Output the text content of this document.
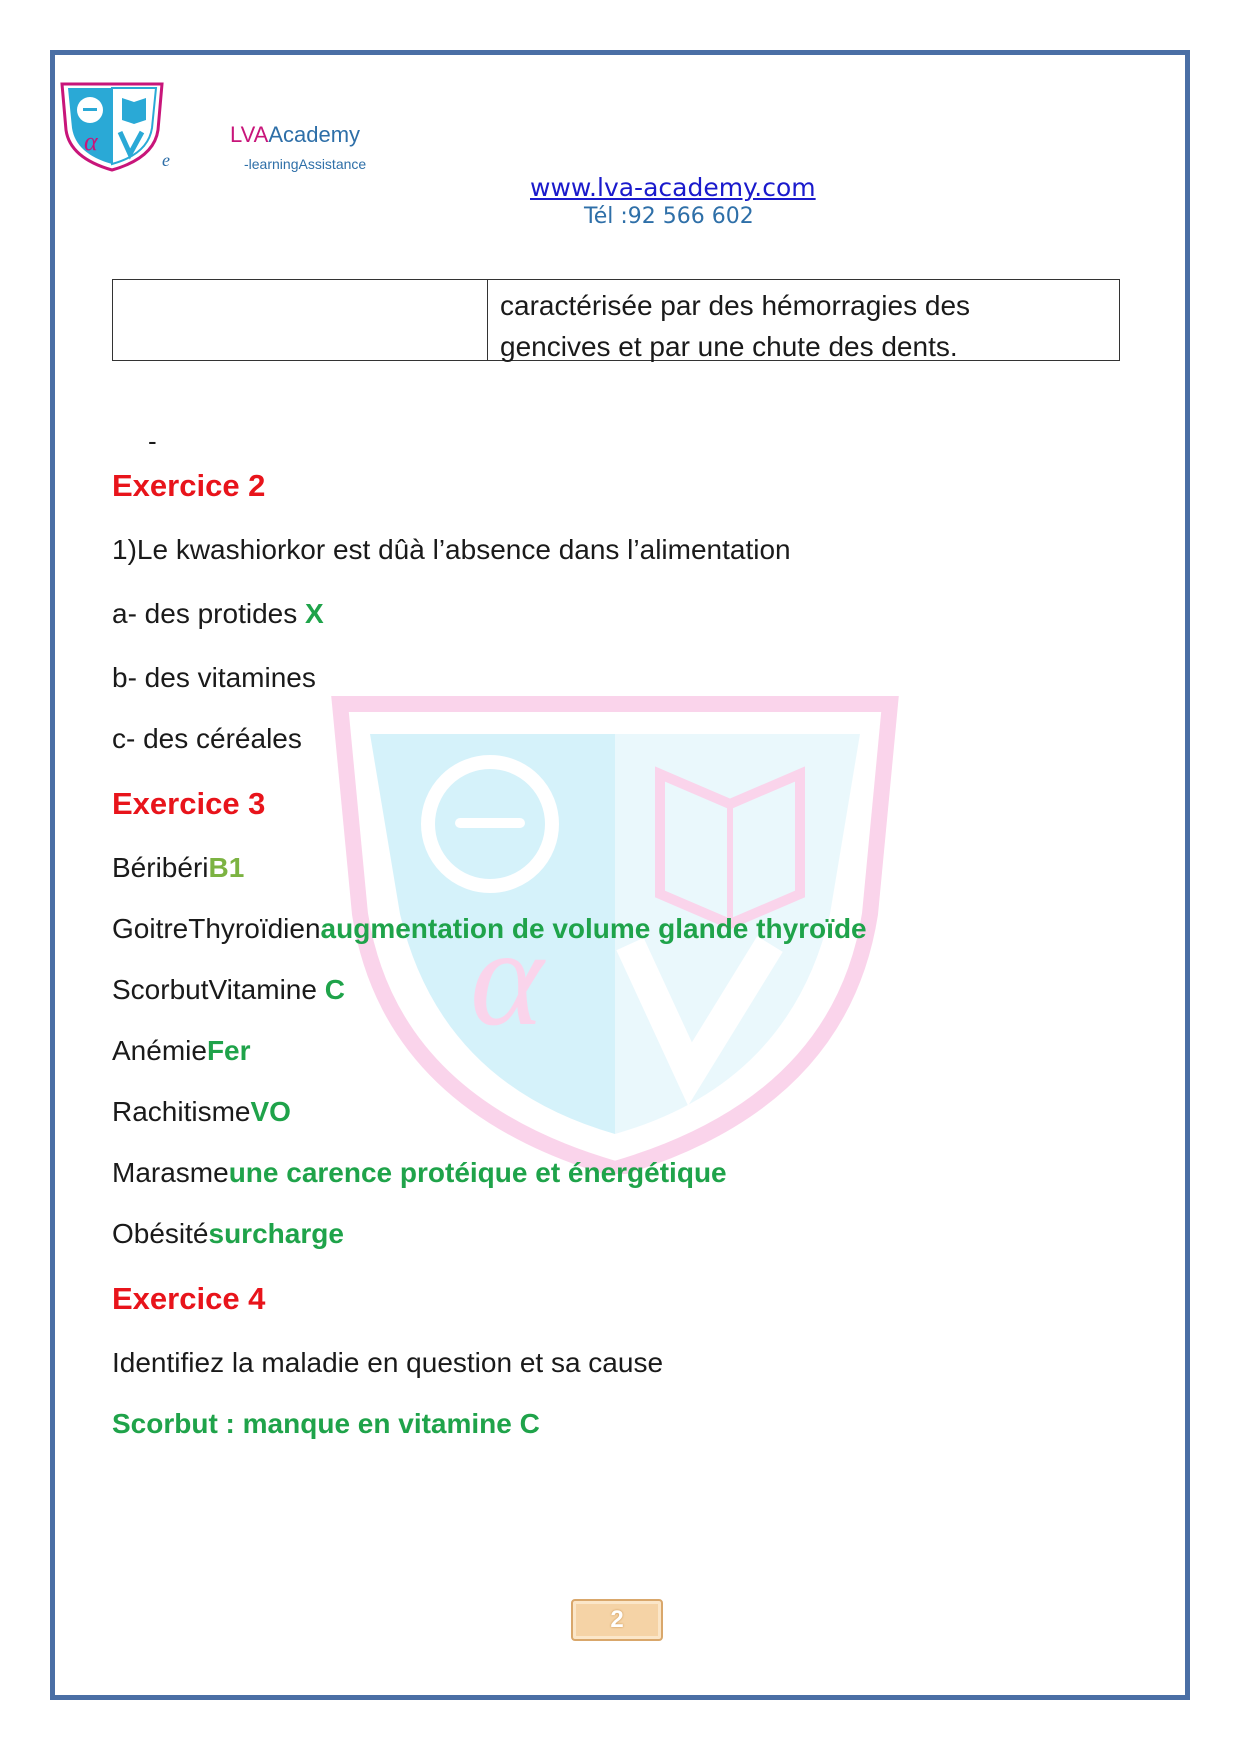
α
e
LVAAcademy
-learningAssistance
www.lva-academy.com
Tél :92 566 602
caractérisée par des hémorragies des
gencives et par une chute des dents.
α
-
Exercice 2
1)Le kwashiorkor est dûà l’absence dans l’alimentation
a- des protides X
b- des vitamines
c- des céréales
Exercice 3
BéribériB1
GoitreThyroïdienaugmentation de volume glande thyroïde
ScorbutVitamine C
AnémieFer
RachitismeVO
Marasmeune carence protéique et énergétique
Obésitésurcharge
Exercice 4
Identifiez la maladie en question et sa cause
Scorbut : manque en vitamine C
2
